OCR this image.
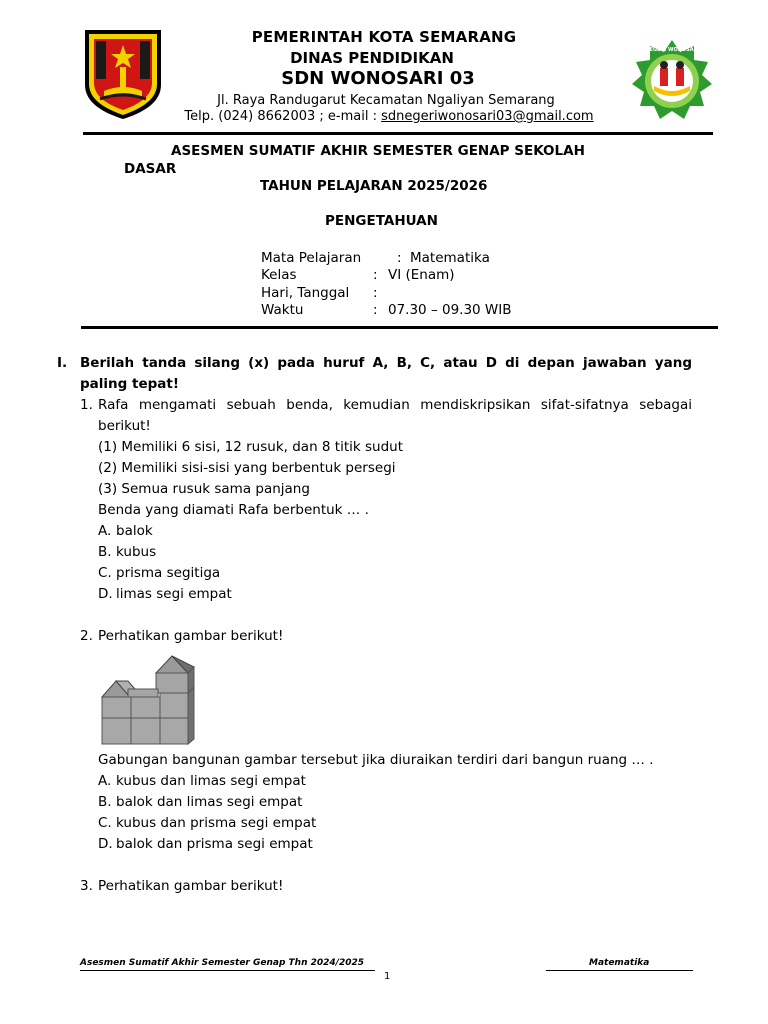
SD NEGERI WONOSARI 03
PEMERINTAH KOTA SEMARANG
DINAS PENDIDIKAN
SDN WONOSARI 03
Jl. Raya Randugarut Kecamatan Ngaliyan Semarang
Telp. (024) 8662003 ; e-mail : sdnegeriwonosari03@gmail.com
ASESMEN SUMATIF AKHIR SEMESTER GENAP SEKOLAH
DASAR
TAHUN PELAJARAN 2025/2026
PENGETAHUAN
Mata Pelajaran	: Matematika
Kelas	: VI (Enam)
Hari, Tanggal :
Waktu	: 07.30 – 09.30 WIB
I. Berilah tanda silang (x) pada huruf A, B, C, atau D di depan jawaban yang
paling tepat!
1. Rafa mengamati sebuah benda, kemudian mendiskripsikan sifat-sifatnya sebagai
berikut!
(1) Memiliki 6 sisi, 12 rusuk, dan 8 titik sudut
(2) Memiliki sisi-sisi yang berbentuk persegi
(3) Semua rusuk sama panjang
Benda yang diamati Rafa berbentuk … .
A. balok
B. kubus
C. prisma segitiga
D. limas segi empat
2. Perhatikan gambar berikut!
Gabungan bangunan gambar tersebut jika diuraikan terdiri dari bangun ruang … .
A. kubus dan limas segi empat
B. balok dan limas segi empat
C. kubus dan prisma segi empat
D. balok dan prisma segi empat
3. Perhatikan gambar berikut!
Asesmen Sumatif Akhir Semester Genap Thn 2024/2025	Matematika
1
